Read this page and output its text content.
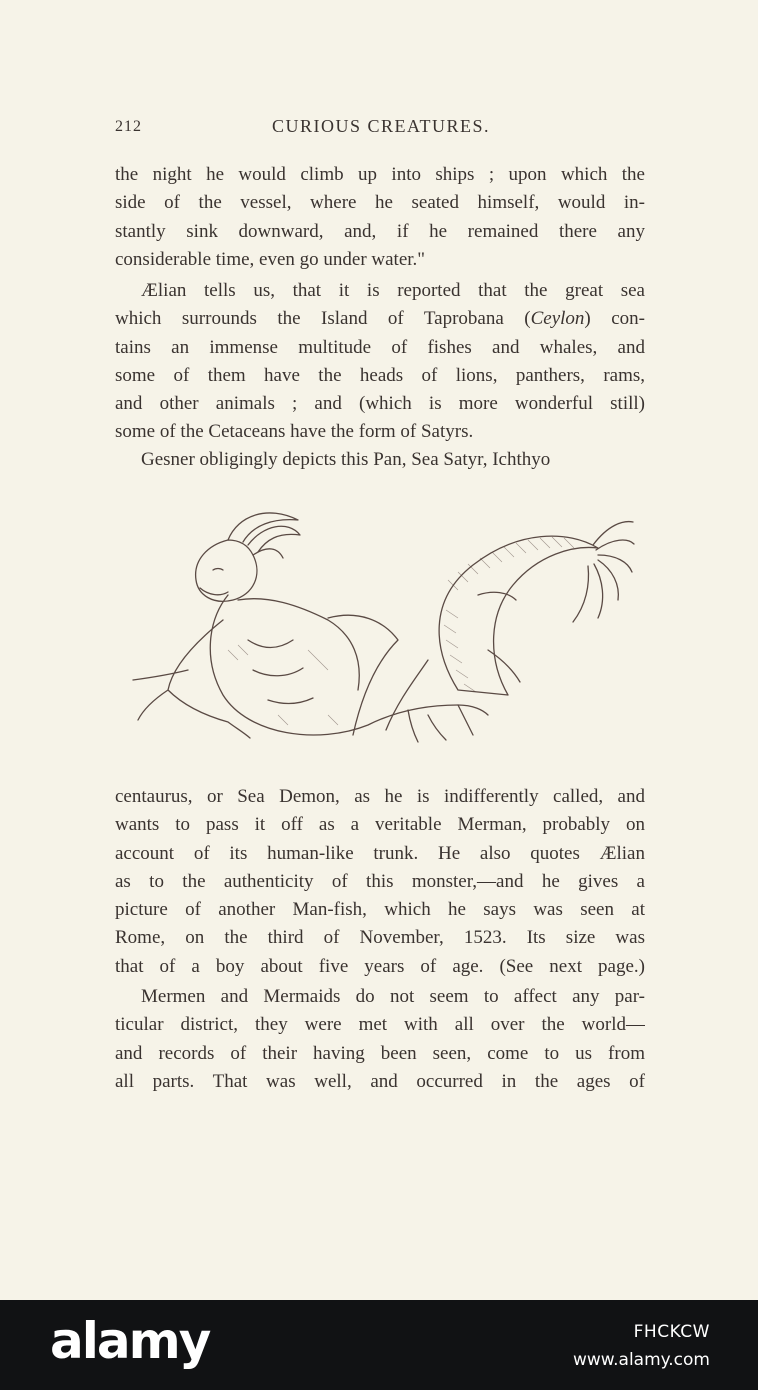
212	CURIOUS CREATURES.
the night he would climb up into ships ; upon which the
side of the vessel, where he seated himself, would in-
stantly sink downward, and, if he remained there any
considerable time, even go under water."
Ælian tells us, that it is reported that the great sea
which surrounds the Island of Taprobana (Ceylon) con-
tains an immense multitude of fishes and whales, and
some of them have the heads of lions, panthers, rams,
and other animals ; and (which is more wonderful still)
some of the Cetaceans have the form of Satyrs.
Gesner obligingly depicts this Pan, Sea Satyr, Ichthyo
centaurus, or Sea Demon, as he is indifferently called, and
wants to pass it off as a veritable Merman, probably on
account of its human-like trunk. He also quotes Ælian
as to the authenticity of this monster,—and he gives a
picture of another Man-fish, which he says was seen at
Rome, on the third of November, 1523. Its size was
that of a boy about five years of age. (See next page.)
Mermen and Mermaids do not seem to affect any par-
ticular district, they were met with all over the world—
and records of their having been seen, come to us from
all parts. That was well, and occurred in the ages of
alamy	FHCKCW
www.alamy.com
